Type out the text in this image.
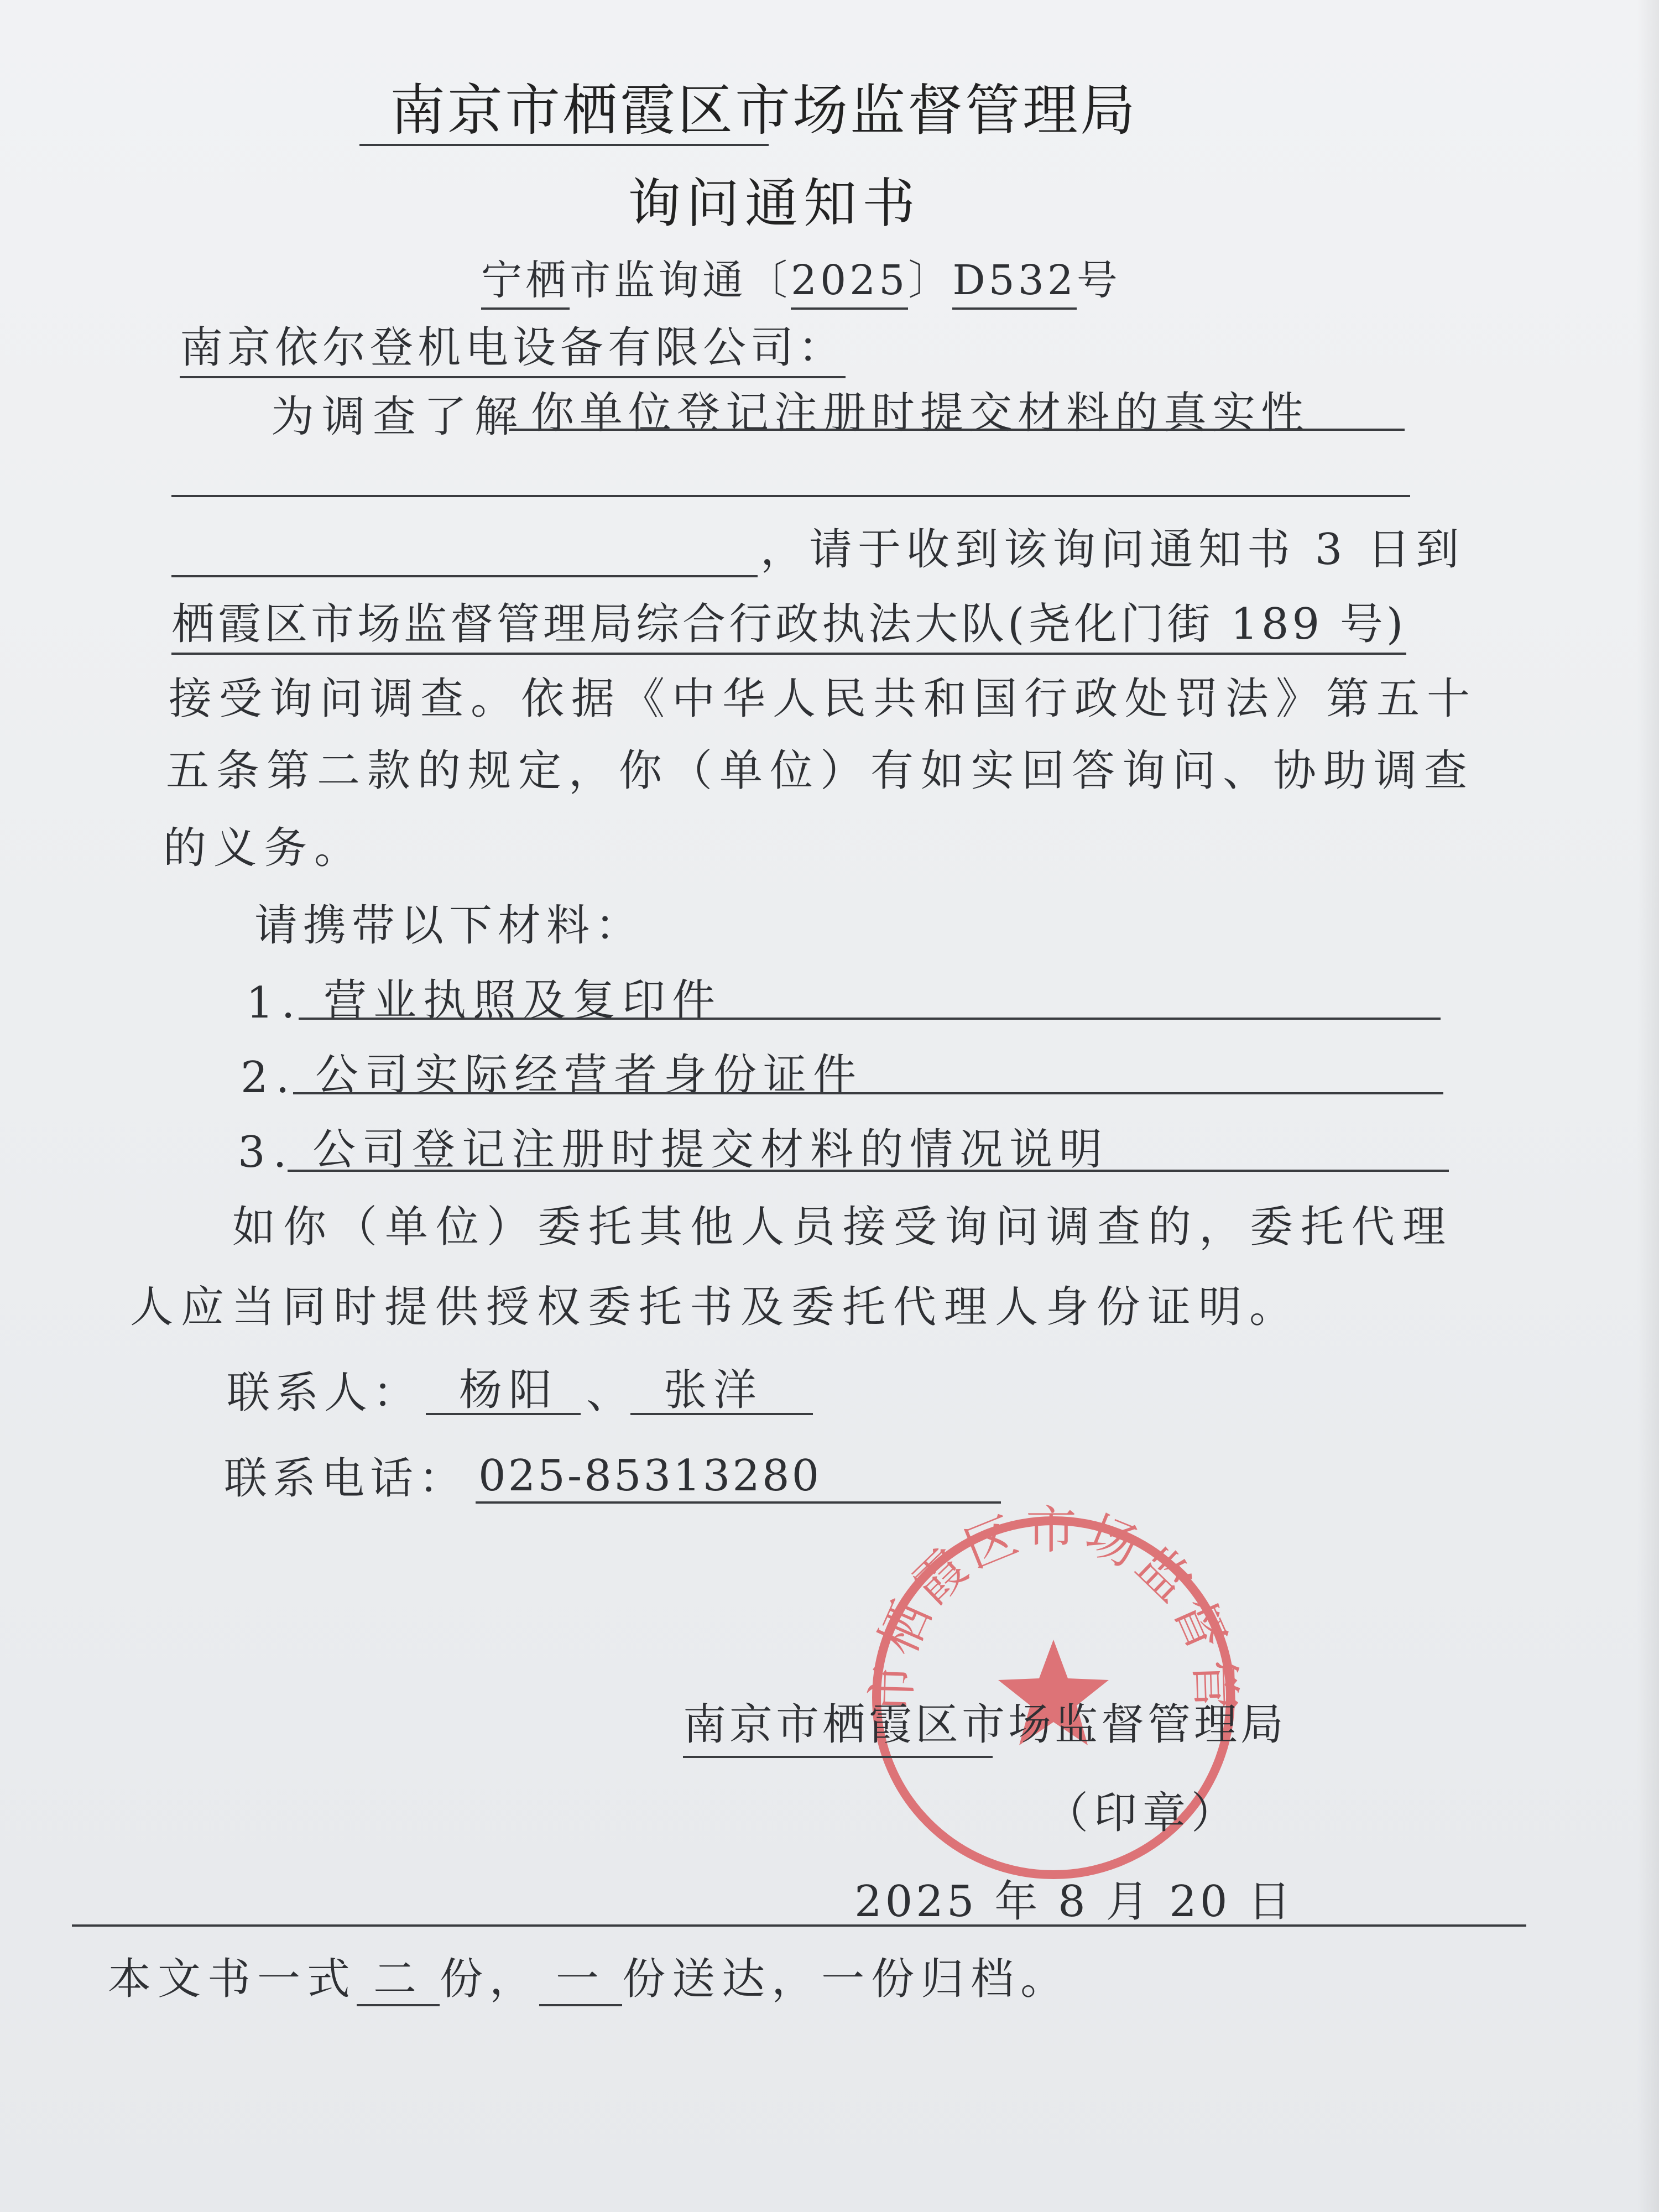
南京市栖霞区市场监督管理局
询问通知书
宁栖市监询通〔2025〕D532号
南京依尔登机电设备有限公司：
为调查了解 你单位登记注册时提交材料的真实性
，请于收到该询问通知书 3 日到
栖霞区市场监督管理局综合行政执法大队(尧化门街 189 号)
接受询问调查。依据《中华人民共和国行政处罚法》第五十
五条第二款的规定，你（单位）有如实回答询问、协助调查
的义务。
请携带以下材料：
1. 营业执照及复印件
2. 公司实际经营者身份证件
3. 公司登记注册时提交材料的情况说明
如你（单位）委托其他人员接受询问调查的，委托代理
人应当同时提供授权委托书及委托代理人身份证明。
联系人： 杨阳 、 张洋
联系电话： 025-85313280
市栖霞区市场监督管
南京市栖霞区市场监督管理局
（印章）
2025 年 8 月 20 日
本文书一式 二 份， 一 份送达，一份归档。
